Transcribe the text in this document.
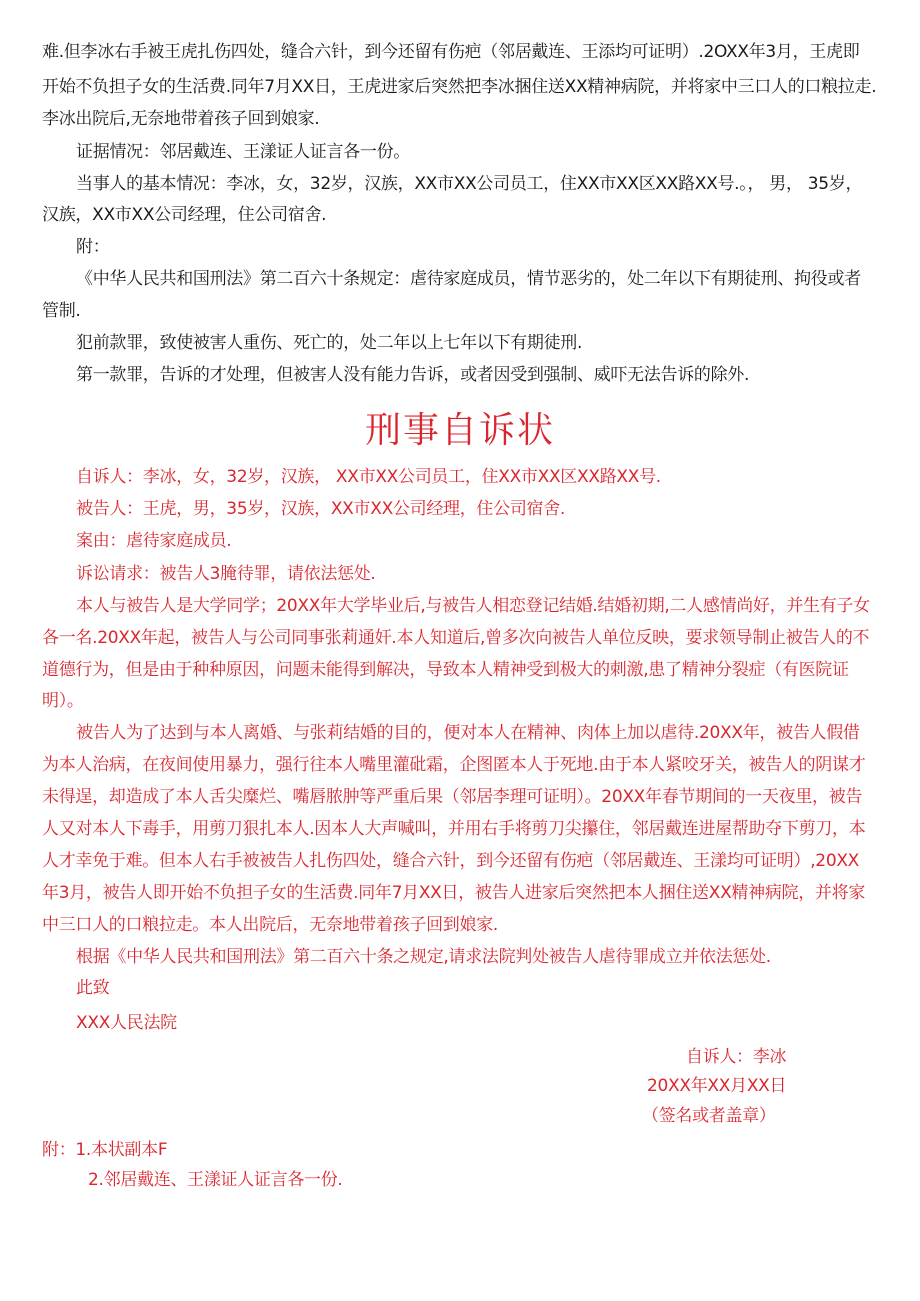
难.但李冰右手被王虎扎伤四处，缝合六针，到今还留有伤疤（邻居戴连、王添均可证明）.2OXX年3月，王虎即
开始不负担子女的生活费.同年7月XX日，王虎进家后突然把李冰捆住送XX精神病院，并将家中三口人的口粮拉走.
李冰出院后,无奈地带着孩子回到娘家.
证据情况：邻居戴连、王漾证人证言各一份。
当事人的基本情况：李冰，女，32岁，汉族，XX市XX公司员工，住XX市XX区XX路XX号.。， 男， 35岁，
汉族，XX市XX公司经理，住公司宿舍.
附：
《中华人民共和国刑法》第二百六十条规定：虐待家庭成员，情节恶劣的，处二年以下有期徒刑、拘役或者
管制.
犯前款罪，致使被害人重伤、死亡的，处二年以上七年以下有期徒刑.
第一款罪，告诉的才处理，但被害人没有能力告诉，或者因受到强制、威吓无法告诉的除外.
刑事自诉状
自诉人：李冰，女，32岁，汉族， XX市XX公司员工，住XX市XX区XX路XX号.
被告人：王虎，男，35岁，汉族，XX市XX公司经理，住公司宿舍.
案由：虐待家庭成员.
诉讼请求：被告人3腌待罪，请依法惩处.
本人与被告人是大学同学；20XX年大学毕业后,与被告人相恋登记结婚.结婚初期,二人感情尚好，并生有子女
各一名.20XX年起，被告人与公司同事张莉通奸.本人知道后,曾多次向被告人单位反映，要求领导制止被告人的不
道德行为，但是由于种种原因，问题未能得到解决，导致本人精神受到极大的刺激,患了精神分裂症（有医院证
明）。
被告人为了达到与本人离婚、与张莉结婚的目的，便对本人在精神、肉体上加以虐待.20XX年，被告人假借
为本人治病，在夜间使用暴力，强行往本人嘴里灌砒霜，企图匿本人于死地.由于本人紧咬牙关，被告人的阴谋才
未得逞，却造成了本人舌尖糜烂、嘴唇脓肿等严重后果（邻居李理可证明）。20XX年春节期间的一天夜里，被告
人又对本人下毒手，用剪刀狠扎本人.因本人大声喊叫，并用右手将剪刀尖攥住，邻居戴连进屋帮助夺下剪刀，本
人才幸免于难。但本人右手被被告人扎伤四处，缝合六针，到今还留有伤疤（邻居戴连、王漾均可证明）,20XX
年3月，被告人即开始不负担子女的生活费.同年7月XX日，被告人进家后突然把本人捆住送XX精神病院，并将家
中三口人的口粮拉走。本人出院后，无奈地带着孩子回到娘家.
根据《中华人民共和国刑法》第二百六十条之规定,请求法院判处被告人虐待罪成立并依法惩处.
此致
XXX人民法院
自诉人：李冰
20XX年XX月XX日
（签名或者盖章）
附：1.本状副本F
2.邻居戴连、王漾证人证言各一份.
